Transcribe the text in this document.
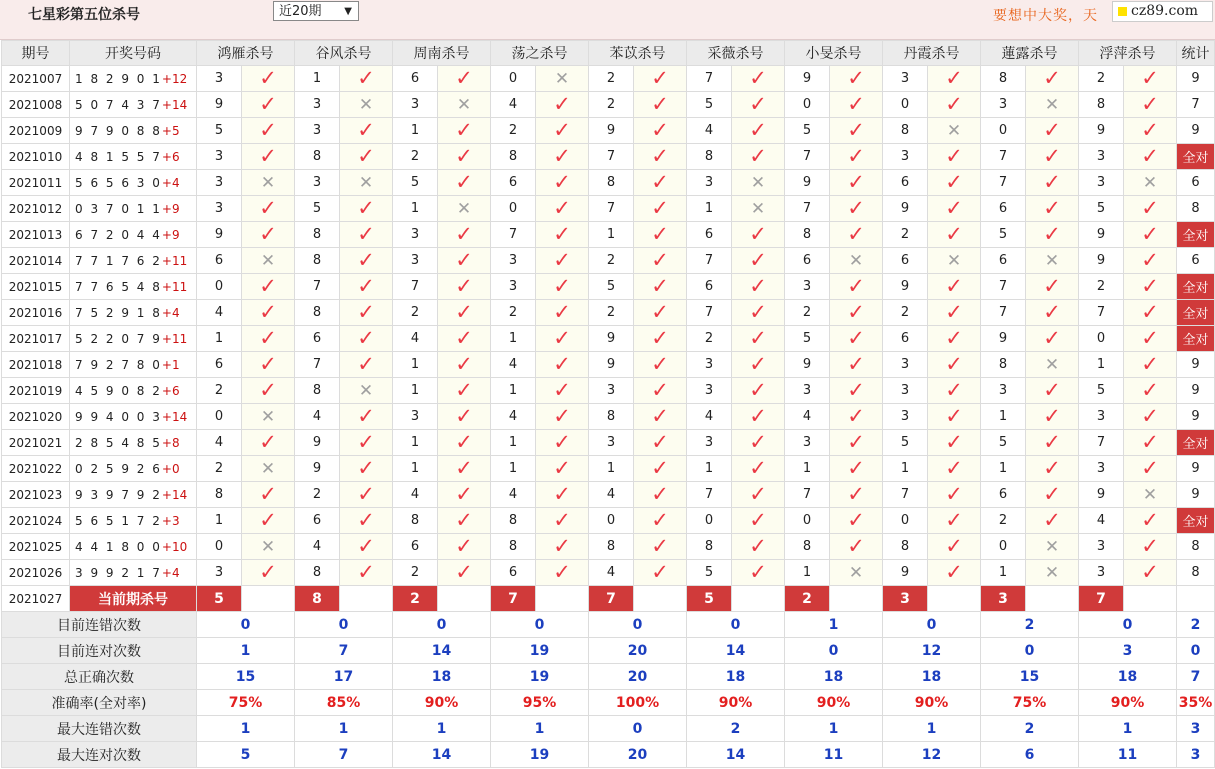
七星彩第五位杀号	近20期 ▼	要想中大奖，天	cz89.com
期号	开奖号码	鸿雁杀号		谷风杀号		周南杀号		荡之杀号		苯苡杀号		采薇杀号		小旻杀号		丹霞杀号		蓮露杀号		浮萍杀号		统计
2021007	1 8 2 9 0 1+12	3	✓	1	✓	6	✓	0	✕	2	✓	7	✓	9	✓	3	✓	8	✓	2	✓	9
2021008	5 0 7 4 3 7+14	9	✓	3	✕	3	✕	4	✓	2	✓	5	✓	0	✓	0	✓	3	✕	8	✓	7
2021009	9 7 9 0 8 8+5	5	✓	3	✓	1	✓	2	✓	9	✓	4	✓	5	✓	8	✕	0	✓	9	✓	9
2021010	4 8 1 5 5 7+6	3	✓	8	✓	2	✓	8	✓	7	✓	8	✓	7	✓	3	✓	7	✓	3	✓	全对
2021011	5 6 5 6 3 0+4	3	✕	3	✕	5	✓	6	✓	8	✓	3	✕	9	✓	6	✓	7	✓	3	✕	6
2021012	0 3 7 0 1 1+9	3	✓	5	✓	1	✕	0	✓	7	✓	1	✕	7	✓	9	✓	6	✓	5	✓	8
2021013	6 7 2 0 4 4+9	9	✓	8	✓	3	✓	7	✓	1	✓	6	✓	8	✓	2	✓	5	✓	9	✓	全对
2021014	7 7 1 7 6 2+11	6	✕	8	✓	3	✓	3	✓	2	✓	7	✓	6	✕	6	✕	6	✕	9	✓	6
2021015	7 7 6 5 4 8+11	0	✓	7	✓	7	✓	3	✓	5	✓	6	✓	3	✓	9	✓	7	✓	2	✓	全对
2021016	7 5 2 9 1 8+4	4	✓	8	✓	2	✓	2	✓	2	✓	7	✓	2	✓	2	✓	7	✓	7	✓	全对
2021017	5 2 2 0 7 9+11	1	✓	6	✓	4	✓	1	✓	9	✓	2	✓	5	✓	6	✓	9	✓	0	✓	全对
2021018	7 9 2 7 8 0+1	6	✓	7	✓	1	✓	4	✓	9	✓	3	✓	9	✓	3	✓	8	✕	1	✓	9
2021019	4 5 9 0 8 2+6	2	✓	8	✕	1	✓	1	✓	3	✓	3	✓	3	✓	3	✓	3	✓	5	✓	9
2021020	9 9 4 0 0 3+14	0	✕	4	✓	3	✓	4	✓	8	✓	4	✓	4	✓	3	✓	1	✓	3	✓	9
2021021	2 8 5 4 8 5+8	4	✓	9	✓	1	✓	1	✓	3	✓	3	✓	3	✓	5	✓	5	✓	7	✓	全对
2021022	0 2 5 9 2 6+0	2	✕	9	✓	1	✓	1	✓	1	✓	1	✓	1	✓	1	✓	1	✓	3	✓	9
2021023	9 3 9 7 9 2+14	8	✓	2	✓	4	✓	4	✓	4	✓	7	✓	7	✓	7	✓	6	✓	9	✕	9
2021024	5 6 5 1 7 2+3	1	✓	6	✓	8	✓	8	✓	0	✓	0	✓	0	✓	0	✓	2	✓	4	✓	全对
2021025	4 4 1 8 0 0+10	0	✕	4	✓	6	✓	8	✓	8	✓	8	✓	8	✓	8	✓	0	✕	3	✓	8
2021026	3 9 9 2 1 7+4	3	✓	8	✓	2	✓	6	✓	4	✓	5	✓	1	✕	9	✓	1	✕	3	✓	8
2021027	当前期杀号	5		8		2		7		7		5		2		3		3		7		
目前连错次数		0		0		0		0		0		0		1		0		2		0		2
目前连对次数		1		7		14		19		20		14		0		12		0		3		0
总正确次数		15		17		18		19		20		18		18		18		15		18		7
准确率(全对率)		75%		85%		90%		95%		100%		90%		90%		90%		75%		90%		35%
最大连错次数		1		1		1		1		0		2		1		1		2		1		3
最大连对次数		5		7		14		19		20		14		11		12		6		11		3
